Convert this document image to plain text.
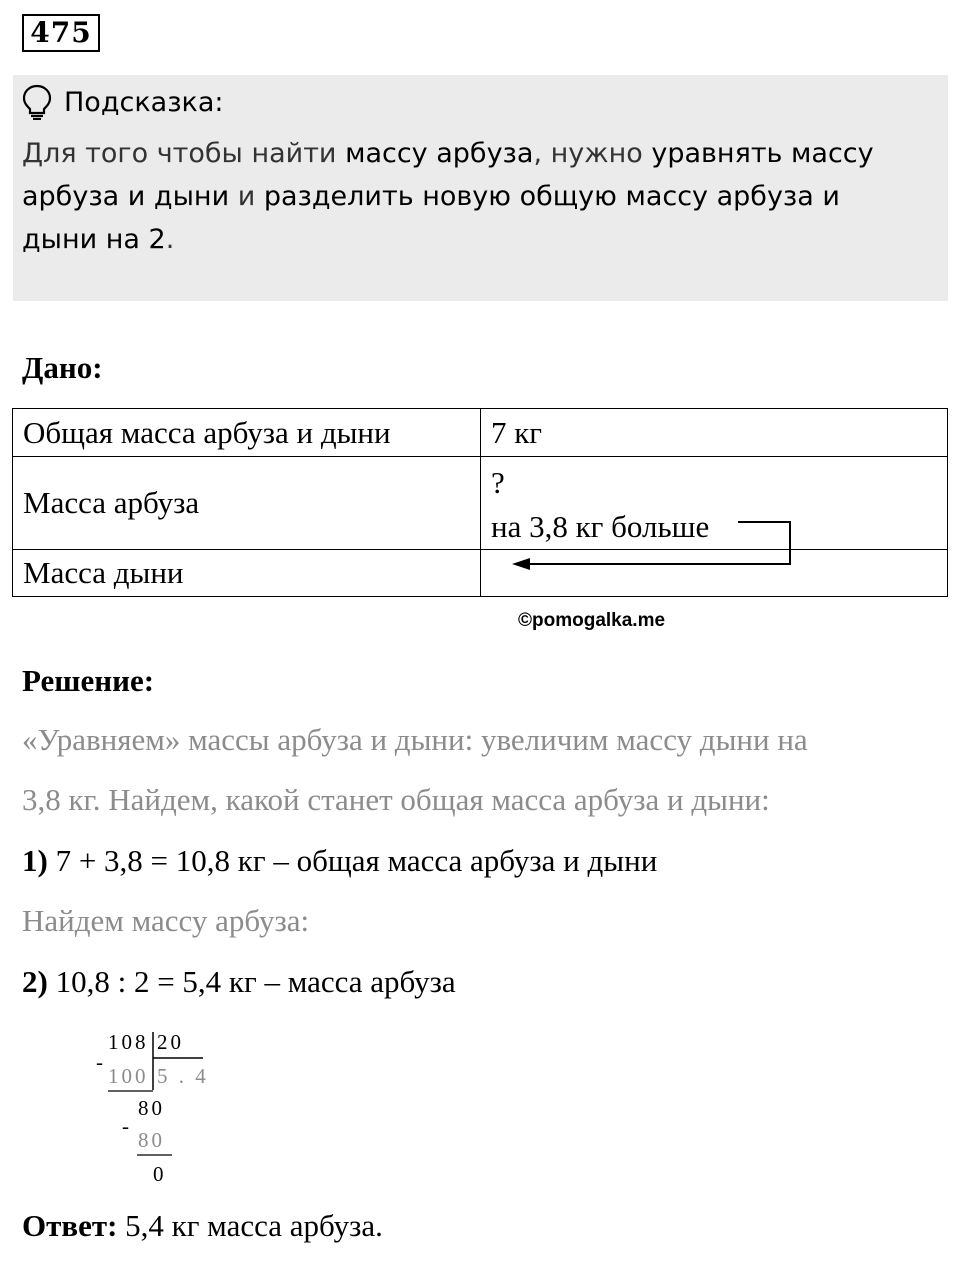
475
Подсказка:
Для того чтобы найти массу арбуза, нужно уравнять массу арбуза и дыни и разделить новую общую массу арбуза и дыни на 2.
Дано:
Общая масса арбуза и дыни	7 кг
Масса арбуза	?
на 3,8 кг больше

Масса дыни	
©pomogalka.me
Решение:
«Уравняем» массы арбуза и дыни: увеличим массу дыни на
3,8 кг. Найдем, какой станет общая масса арбуза и дыни:
1) 7 + 3,8 = 10,8 кг – общая масса арбуза и дыни
Найдем массу арбуза:
2) 10,8 : 2 = 5,4 кг – масса арбуза
108 20
-
100 5 . 4
80
-
80
0
Ответ: 5,4 кг масса арбуза.
